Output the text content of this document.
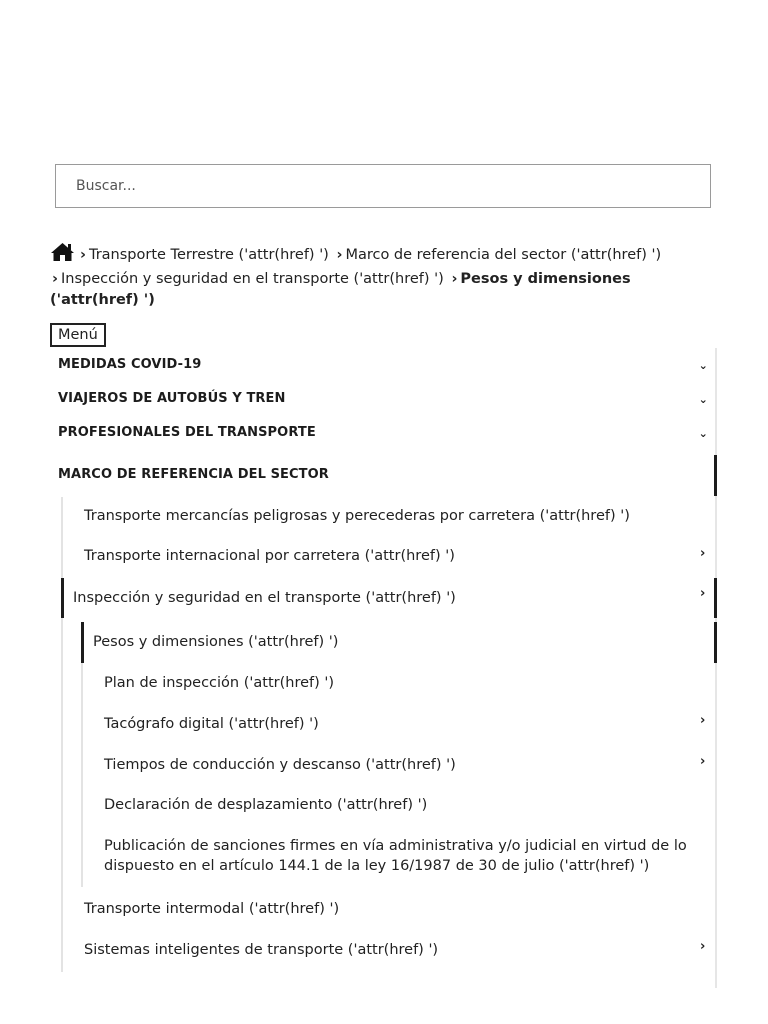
Buscar...
› Transporte Terrestre ('attr(href) ') › Marco de referencia del sector ('attr(href) ')
› Inspección y seguridad en el transporte ('attr(href) ') › Pesos y dimensiones ('attr(href) ')
Menú
MEDIDAS COVID-19	⌄
VIAJEROS DE AUTOBÚS Y TREN	⌄
PROFESIONALES DEL TRANSPORTE	⌄
MARCO DE REFERENCIA DEL SECTOR
Transporte mercancías peligrosas y perecederas por carretera ('attr(href) ')
Transporte internacional por carretera ('attr(href) ')	›
Inspección y seguridad en el transporte ('attr(href) ')	›
Pesos y dimensiones ('attr(href) ')
Plan de inspección ('attr(href) ')
Tacógrafo digital ('attr(href) ')	›
Tiempos de conducción y descanso ('attr(href) ')	›
Declaración de desplazamiento ('attr(href) ')
Publicación de sanciones firmes en vía administrativa y/o judicial en virtud de lo
dispuesto en el artículo 144.1 de la ley 16/1987 de 30 de julio ('attr(href) ')
Transporte intermodal ('attr(href) ')
Sistemas inteligentes de transporte ('attr(href) ')	›
